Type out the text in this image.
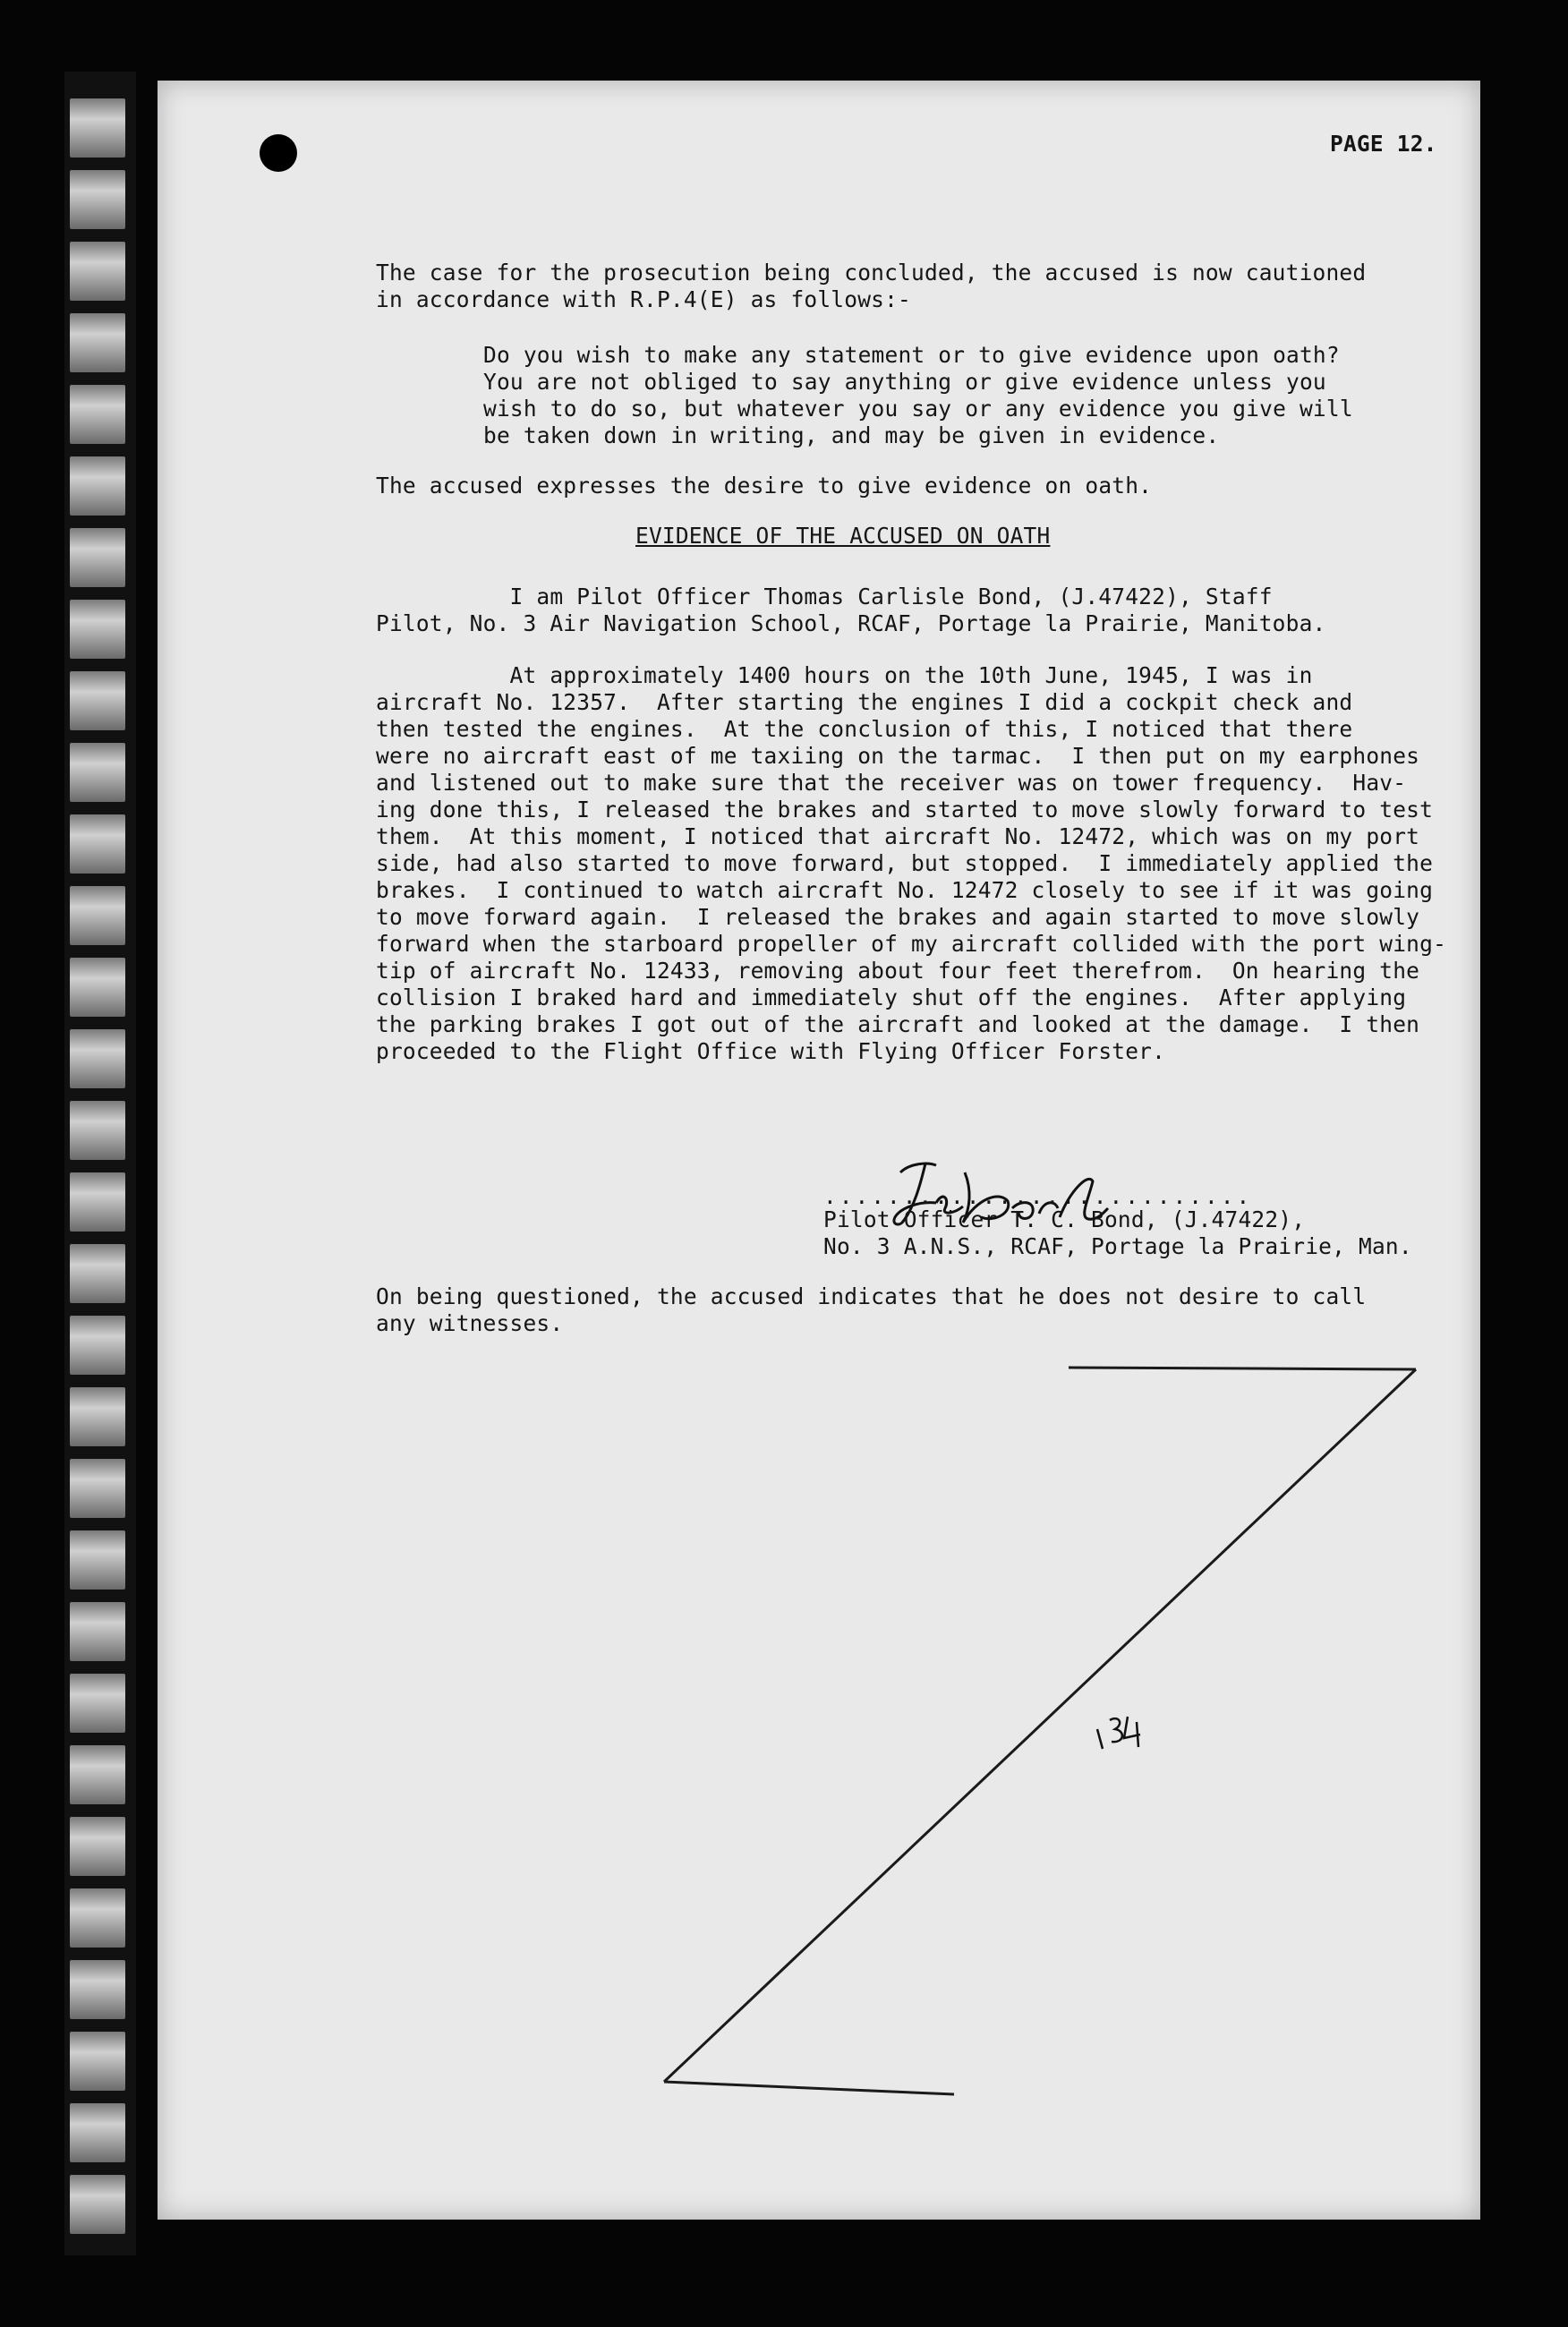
PAGE 12.
The case for the prosecution being concluded, the accused is now cautioned
in accordance with R.P.4(E) as follows:-
Do you wish to make any statement or to give evidence upon oath?
You are not obliged to say anything or give evidence unless you
wish to do so, but whatever you say or any evidence you give will
be taken down in writing, and may be given in evidence.
The accused expresses the desire to give evidence on oath.
EVIDENCE OF THE ACCUSED ON OATH
I am Pilot Officer Thomas Carlisle Bond, (J.47422), Staff
Pilot, No. 3 Air Navigation School, RCAF, Portage la Prairie, Manitoba.
At approximately 1400 hours on the 10th June, 1945, I was in
aircraft No. 12357.  After starting the engines I did a cockpit check and
then tested the engines.  At the conclusion of this, I noticed that there
were no aircraft east of me taxiing on the tarmac.  I then put on my earphones
and listened out to make sure that the receiver was on tower frequency.  Hav-
ing done this, I released the brakes and started to move slowly forward to test
them.  At this moment, I noticed that aircraft No. 12472, which was on my port
side, had also started to move forward, but stopped.  I immediately applied the
brakes.  I continued to watch aircraft No. 12472 closely to see if it was going
to move forward again.  I released the brakes and again started to move slowly
forward when the starboard propeller of my aircraft collided with the port wing-
tip of aircraft No. 12433, removing about four feet therefrom.  On hearing the
collision I braked hard and immediately shut off the engines.  After applying
the parking brakes I got out of the aircraft and looked at the damage.  I then
proceeded to the Flight Office with Flying Officer Forster.
...........................
Pilot Officer T. C. Bond, (J.47422),
No. 3 A.N.S., RCAF, Portage la Prairie, Man.
On being questioned, the accused indicates that he does not desire to call
any witnesses.
